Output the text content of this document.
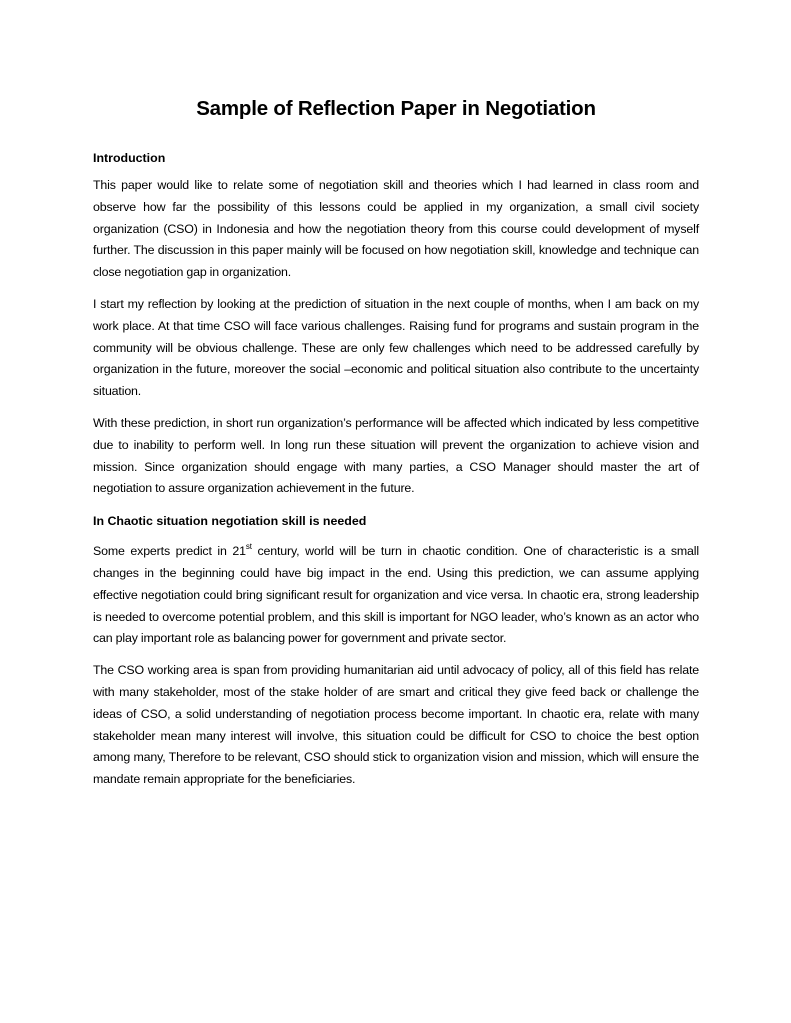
Sample of Reflection Paper in Negotiation
Introduction

This paper would like to relate some of negotiation skill and theories which I had learned in class room and observe how far the possibility of this lessons could be applied in my organization, a small civil society organization (CSO) in Indonesia and how the negotiation theory from this course could development of myself further. The discussion in this paper mainly will be focused on how negotiation skill, knowledge and technique can close negotiation gap in organization.

I start my reflection by looking at the prediction of situation in the next couple of months, when I am back on my work place. At that time CSO will face various challenges. Raising fund for programs and sustain program in the community will be obvious challenge. These are only few challenges which need to be addressed carefully by organization in the future, moreover the social –economic and political situation also contribute to the uncertainty situation.

With these prediction, in short run organization’s performance will be affected which indicated by less competitive due to inability to perform well. In long run these situation will prevent the organization to achieve vision and mission. Since organization should engage with many parties, a CSO Manager should master the art of negotiation to assure organization achievement in the future.

In Chaotic situation negotiation skill is needed

Some experts predict in 21st century, world will be turn in chaotic condition. One of characteristic is a small changes in the beginning could have big impact in the end. Using this prediction, we can assume applying effective negotiation could bring significant result for organization and vice versa. In chaotic era, strong leadership is needed to overcome potential problem, and this skill is important for NGO leader, who’s known as an actor who can play important role as balancing power for government and private sector.

The CSO working area is span from providing humanitarian aid until advocacy of policy, all of this field has relate with many stakeholder, most of the stake holder of are smart and critical they give feed back or challenge the ideas of CSO, a solid understanding of negotiation process become important. In chaotic era, relate with many stakeholder mean many interest will involve, this situation could be difficult for CSO to choice the best option among many, Therefore to be relevant, CSO should stick to organization vision and mission, which will ensure the mandate remain appropriate for the beneficiaries.
